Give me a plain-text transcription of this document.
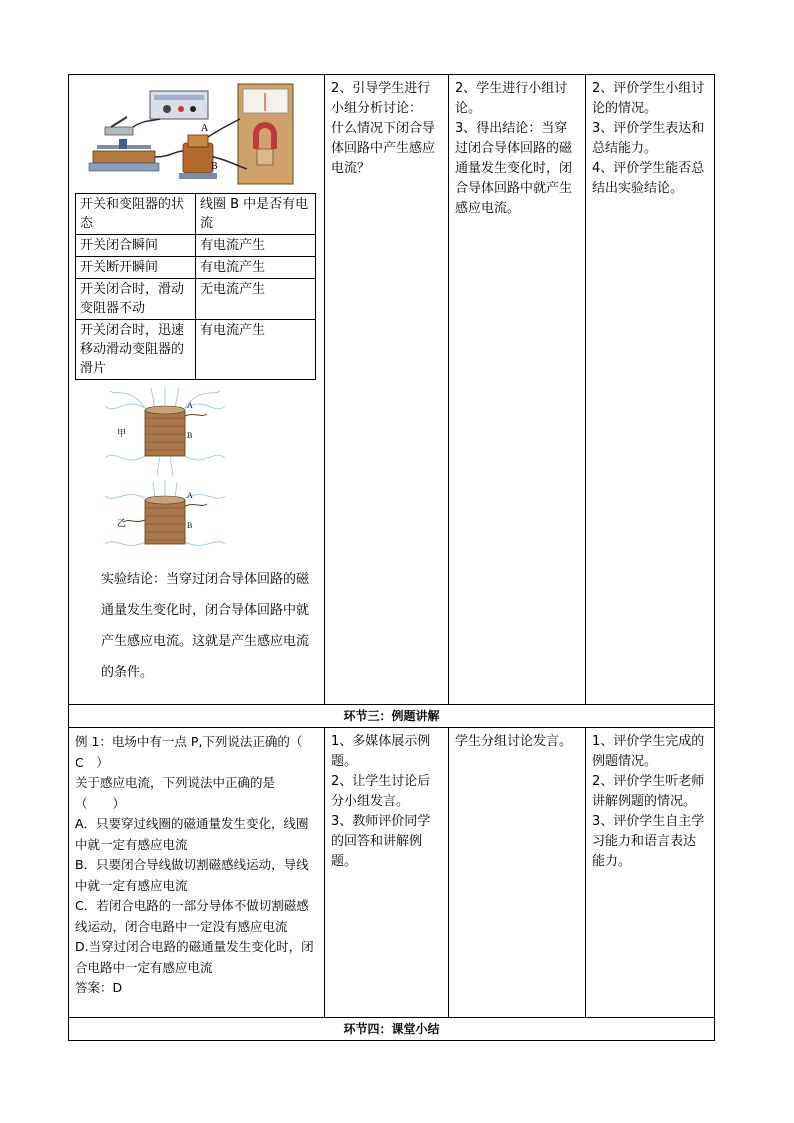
A
B
开关和变阻器的状态	线圈 B 中是否有电流
开关闭合瞬间	有电流产生
开关断开瞬间	有电流产生
开关闭合时，滑动变阻器不动	无电流产生
开关闭合时，迅速移动滑动变阻器的滑片	有电流产生
甲
A
B
乙
A
B
实验结论：当穿过闭合导体回路的磁通量发生变化时，闭合导体回路中就产生感应电流。这就是产生感应电流的条件。

2、引导学生进行小组分析讨论：
什么情况下闭合导体回路中产生感应电流？

2、学生进行小组讨论。
3、得出结论：当穿过闭合导体回路的磁通量发生变化时，闭合导体回路中就产生感应电流。

2、评价学生小组讨论的情况。
3、评价学生表达和总结能力。
4、评价学生能否总结出实验结论。

环节三：例题讲解

例 1：电场中有一点 P,下列说法正确的（　C　）
关于感应电流，下列说法中正确的是（　　）
A．只要穿过线圈的磁通量发生变化，线圈中就一定有感应电流
B．只要闭合导线做切割磁感线运动，导线中就一定有感应电流
C．若闭合电路的一部分导体不做切割磁感线运动，闭合电路中一定没有感应电流
D.当穿过闭合电路的磁通量发生变化时，闭合电路中一定有感应电流
答案：D

1、多媒体展示例题。
2、让学生讨论后分小组发言。
3、教师评价同学的回答和讲解例题。

学生分组讨论发言。	1、评价学生完成的例题情况。
2、评价学生听老师讲解例题的情况。
3、评价学生自主学习能力和语言表达能力。

环节四：课堂小结
